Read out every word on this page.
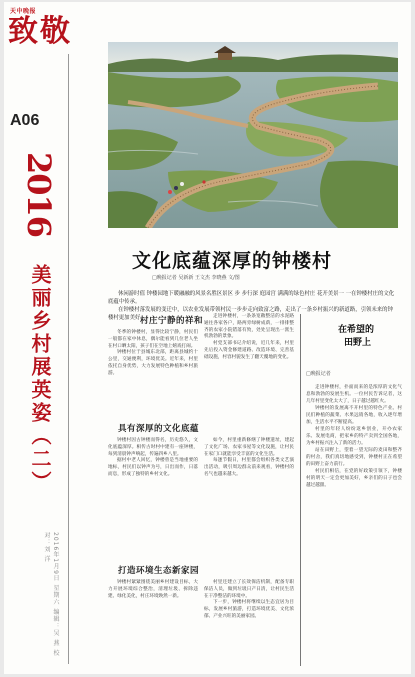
天中晚报
致敬
A06
2016
美丽乡村展英姿（二）
2016年1月9日 星期六 编辑：吴 燕 校对：刘 洋
文化底蕴深厚的钟楼村
□晚报记者 吴新新 王文杰 李晓燕 文/图
休闲游时值 钟楼园地下暖融融的风景名胜区景区 步 步行深 庭园宫 满满的绿色村庄 花开美景一 一在钟楼村庄的文化底蕴中传承。
在钟楼村落发展的变迁中，以农业发展带领村民一步步走向致富之路，走出了一条乡村振兴的新道路，引领未来的钟楼村更加美好。
村庄宁静的祥和
冬季的钟楼村，显得比较宁静，村民们一般都在家中休息，偶尔能看到几位老人坐在村口晒太阳，孩子们在空地上嬉戏打闹。
钟楼村位于县城东北部，距离县城约十公里，交通便利，环境优美。近年来，村里依托自身优势，大力发展特色种植和乡村旅游。
走进钟楼村，一条条宽敞整洁的水泥路通往各家各户，路两旁绿树成荫，一排排整齐的农家小院错落有致，处处呈现出一派生机勃勃的景象。
村党支部书记介绍说，近几年来，村里先后投入资金修建道路、改造环境、完善基础设施，村容村貌发生了翻天覆地的变化。
具有深厚的文化底蕴
钟楼村因古钟楼而得名，历史悠久，文化底蕴深厚。相传古时村中建有一座钟楼，每到清晨钟声响起，传遍四乡八里。
据村中老人回忆，钟楼曾是当地重要的地标，村民们以钟声为号，日出而作，日落而息，形成了独特的乡村文化。
如今，村里重新修缮了钟楼遗址，建起了文化广场、农家书屋等文化设施，让村民在家门口就能享受丰富的文化生活。
每逢节假日，村里都会组织各类文艺演出活动，吸引周边群众前来观看，钟楼村的名气也越来越大。
打造环境生态新家园
钟楼村紧紧围绕美丽乡村建设目标，大力开展环境综合整治，清理垃圾、拆除违建、绿化美化，村庄环境焕然一新。
村里还建立了长效保洁机制，配备专职保洁人员，做到垃圾日产日清，让村民生活在干净整洁的环境中。
下一步，钟楼村将继续以生态宜居为目标，发展乡村旅游，打造环境优美、文化浓郁、产业兴旺的美丽家园。
在希望的
田野上
□晚报记者
走进钟楼村，扑面而来的是浓厚的文化气息和勃勃的发展生机。一位村民告诉记者，这几年村里变化太大了，日子越过越红火。
钟楼村的发展离不开村里的特色产业。村民们种植的蔬菜、水果远销各地，收入逐年增加，生活水平不断提高。
村里的年轻人纷纷返乡创业，开办农家乐、发展电商，把家乡的特产卖到全国各地，为乡村振兴注入了新的活力。
站在田野上，望着一望无际的麦田和整齐的村舍，我们真切地感受到，钟楼村正在希望的田野上奋力前行。
村民们相信，在党的好政策引领下，钟楼村的明天一定会更加美好，乡亲们的日子也会越过越甜。
